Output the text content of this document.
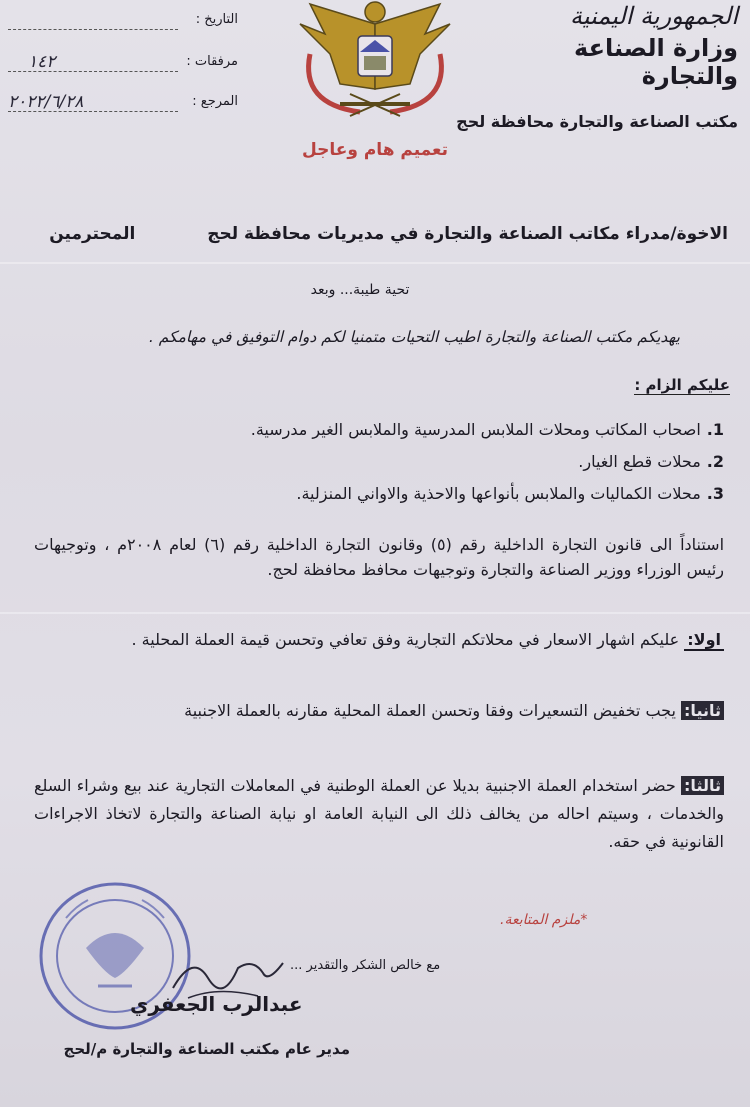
الجمهورية اليمنية
وزارة الصناعة والتجارة
مكتب الصناعة والتجارة محافظة لحج
التاريخ :
مرفقات :
١٤٢
المرجع :
٢٠٢٢/٦/٢٨
تعميم هام وعاجل
الاخوة/مدراء مكاتب الصناعة والتجارة في مديريات محافظة لحج  المحترمين
تحية طيبة... وبعد
يهديكم مكتب الصناعة والتجارة اطيب التحيات متمنيا لكم دوام التوفيق في مهامكم .
عليكم الزام :
1.اصحاب المكاتب ومحلات الملابس المدرسية والملابس الغير مدرسية.
2.محلات قطع الغيار.
3.محلات الكماليات والملابس بأنواعها والاحذية والاواني المنزلية.
استناداً الى قانون التجارة الداخلية رقم (٥) وقانون التجارة الداخلية رقم (٦) لعام ٢٠٠٨م ، وتوجيهات رئيس الوزراء ووزير الصناعة والتجارة وتوجيهات محافظ محافظة لحج.
اولا: عليكم اشهار الاسعار في محلاتكم التجارية وفق تعافي وتحسن قيمة العملة المحلية .
ثانيا: يجب تخفيض التسعيرات وفقا وتحسن العملة المحلية مقارنه بالعملة الاجنبية
ثالثا: حضر استخدام العملة الاجنبية بديلا عن العملة الوطنية في المعاملات التجارية عند بيع وشراء السلع والخدمات ، وسيتم احاله من يخالف ذلك الى النيابة العامة او نيابة الصناعة والتجارة لاتخاذ الاجراءات القانونية في حقه.
*ملزم المتابعة.
مع خالص الشكر والتقدير ...
عبدالرب الجعفري
مدير عام مكتب الصناعة والتجارة م/لحج
